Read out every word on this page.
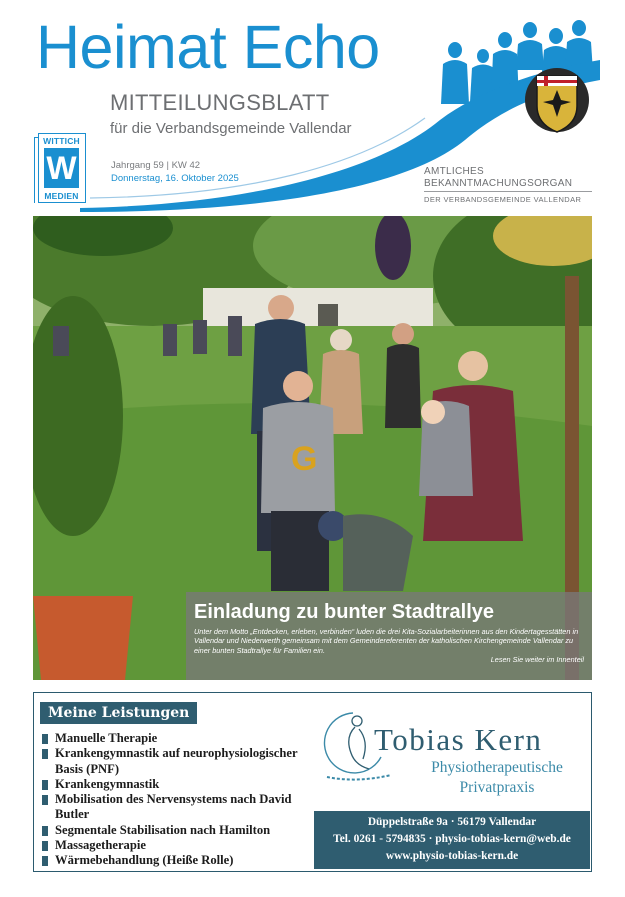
Heimat Echo
MITTEILUNGSBLATT
für die Verbandsgemeinde Vallendar
WITTICH
W
MEDIEN
Jahrgang 59 | KW 42
Donnerstag, 16. Oktober 2025
AMTLICHES
BEKANNTMACHUNGSORGAN
DER VERBANDSGEMEINDE VALLENDAR
G
Einladung zu bunter Stadtrallye
Unter dem Motto „Entdecken, erleben, verbinden“ luden die drei Kita-Sozialarbeiterinnen aus den Kindertagesstätten in Vallendar und Niederwerth gemeinsam mit dem Gemeindereferenten der katholischen Kirchengemeinde Vallendar zu einer bunten Stadtrallye für Familien ein.
Lesen Sie weiter im Innenteil
Meine Leistungen
Manuelle Therapie
Krankengymnastik auf neurophysiologischer Basis (PNF)
Krankengymnastik
Mobilisation des Nervensystems nach David Butler
Segmentale Stabilisation nach Hamilton
Massagetherapie
Wärmebehandlung (Heiße Rolle)
Tobias Kern
Physiotherapeutische
Privatpraxis
Düppelstraße 9a · 56179 Vallendar
Tel. 0261 - 5794835 · physio-tobias-kern@web.de
www.physio-tobias-kern.de
